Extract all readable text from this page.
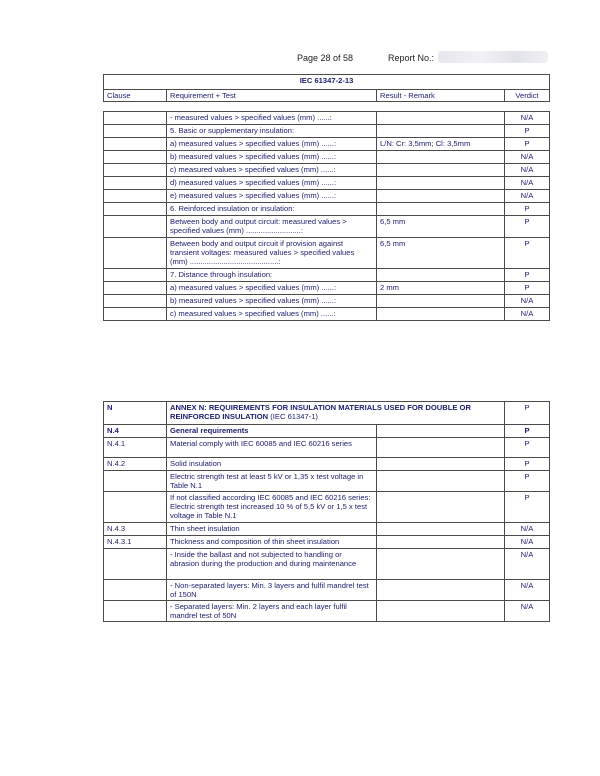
Page 28 of 58	Report No.:
IEC 61347-2-13			
Clause	Requirement + Test	Result - Remark	Verdict

	- measured values > specified values (mm) ......:		N/A
	5. Basic or supplementary insulation:		P
	a) measured values > specified values (mm) ......:	L/N: Cr: 3,5mm; Cl: 3,5mm	P
	b) measured values > specified values (mm) ......:		N/A
	c) measured values > specified values (mm) ......:		N/A
	d) measured values > specified values (mm) ......:		N/A
	e) measured values > specified values (mm) ......:		N/A
	6. Reinforced insulation or insulation:		P
	Between body and output circuit: measured values > specified values (mm) ..........................:	6,5 mm	P
	Between body and output circuit if provision against transient voltages: measured values > specified values (mm) ..........................................:	6,5 mm	P
	7. Distance through insulation:		P
	a) measured values > specified values (mm) ......:	2 mm	P
	b) measured values > specified values (mm) ......:		N/A
	c) measured values > specified values (mm) ......:		N/A
N	ANNEX N: REQUIREMENTS FOR INSULATION MATERIALS USED FOR DOUBLE OR REINFORCED INSULATION (IEC 61347-1)		P
N.4	General requirements		P
N.4.1	Material comply with IEC 60085 and IEC 60216 series		P
N.4.2	Solid insulation		P
	Electric strength test at least 5 kV or 1,35 x test voltage in Table N.1		P
	If not classified according IEC 60085 and IEC 60216 series: Electric strength test increased 10 % of 5,5 kV or 1,5 x test voltage in Table N.1		P
N.4.3	Thin sheet insulation		N/A
N.4.3.1	Thickness and composition of thin sheet insulation		N/A
	- Inside the ballast and not subjected to handling or abrasion during the production and during maintenance		N/A
	- Non-separated layers: Min. 3 layers and fulfil mandrel test of 150N		N/A
	- Separated layers: Min. 2 layers and each layer fulfil mandrel test of 50N		N/A
